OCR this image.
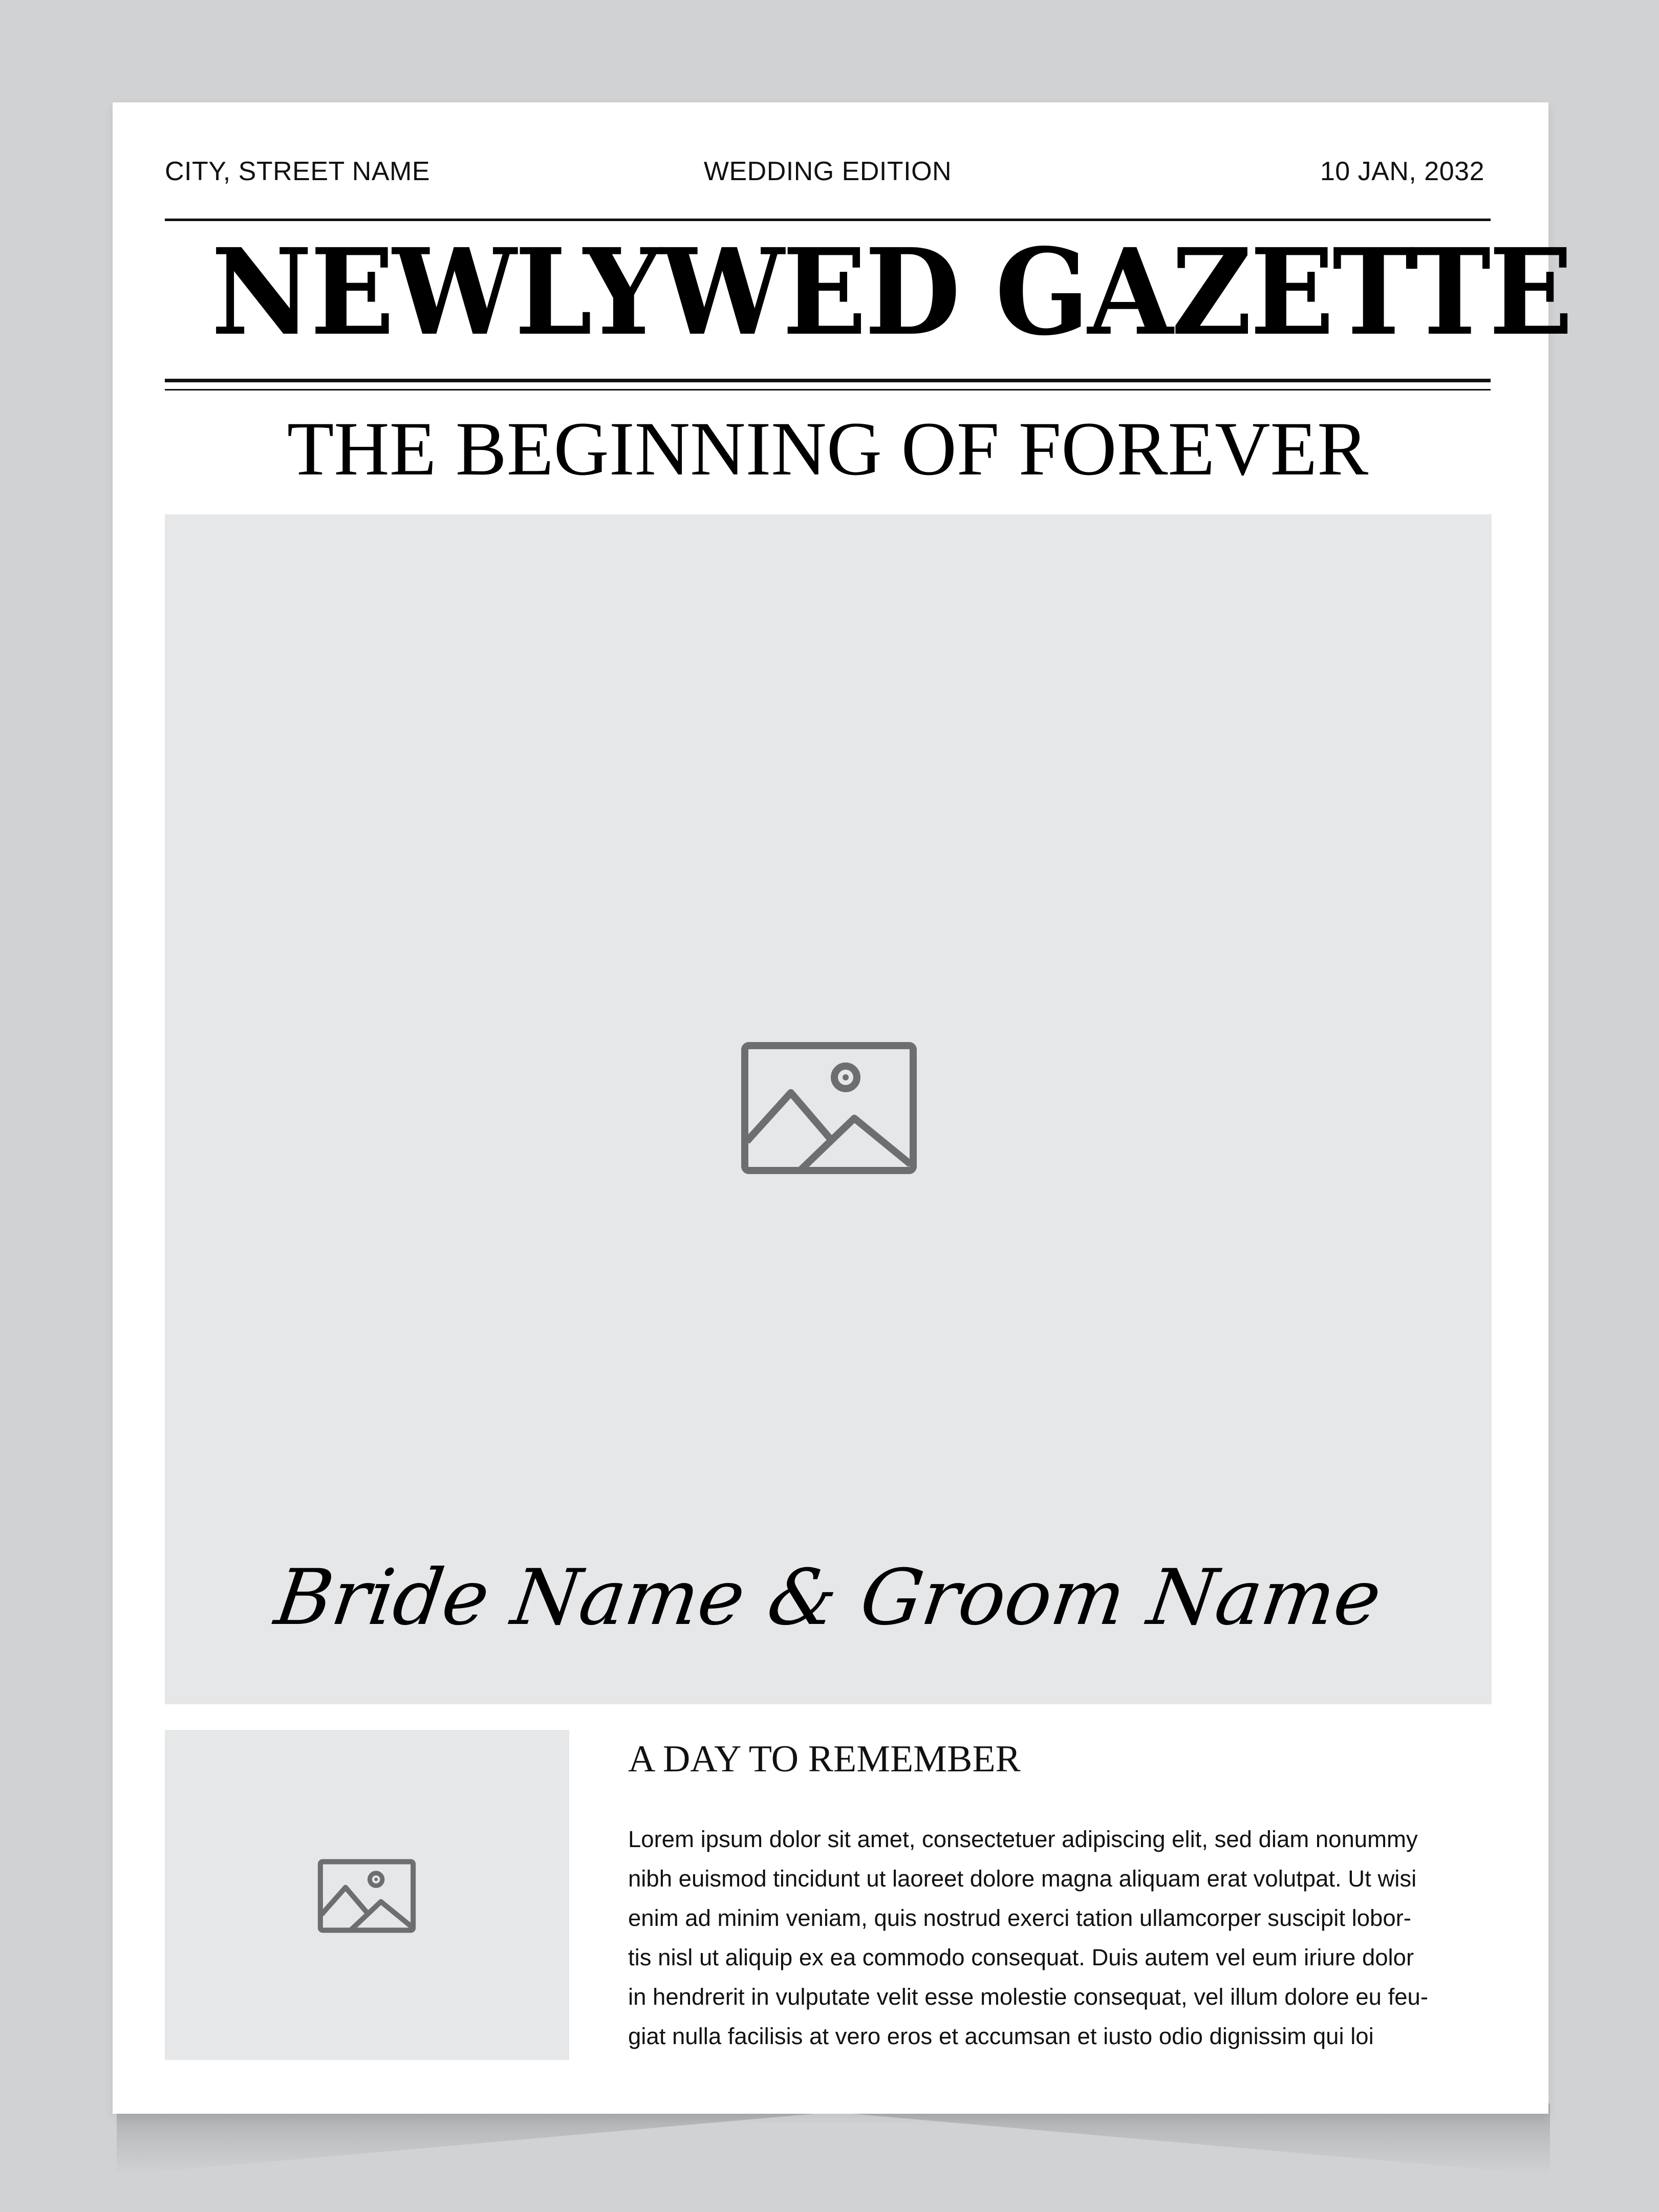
CITY, STREET NAME	WEDDING EDITION	10 JAN, 2032
NEWLYWED GAZETTE
THE BEGINNING OF FOREVER
Bride Name & Groom Name
A DAY TO REMEMBER
Lorem ipsum dolor sit amet, consectetuer adipiscing elit, sed diam nonummy
nibh euismod tincidunt ut laoreet dolore magna aliquam erat volutpat. Ut wisi
enim ad minim veniam, quis nostrud exerci tation ullamcorper suscipit lobor-
tis nisl ut aliquip ex ea commodo consequat. Duis autem vel eum iriure dolor
in hendrerit in vulputate velit esse molestie consequat, vel illum dolore eu feu-
giat nulla facilisis at vero eros et accumsan et iusto odio dignissim qui loi
